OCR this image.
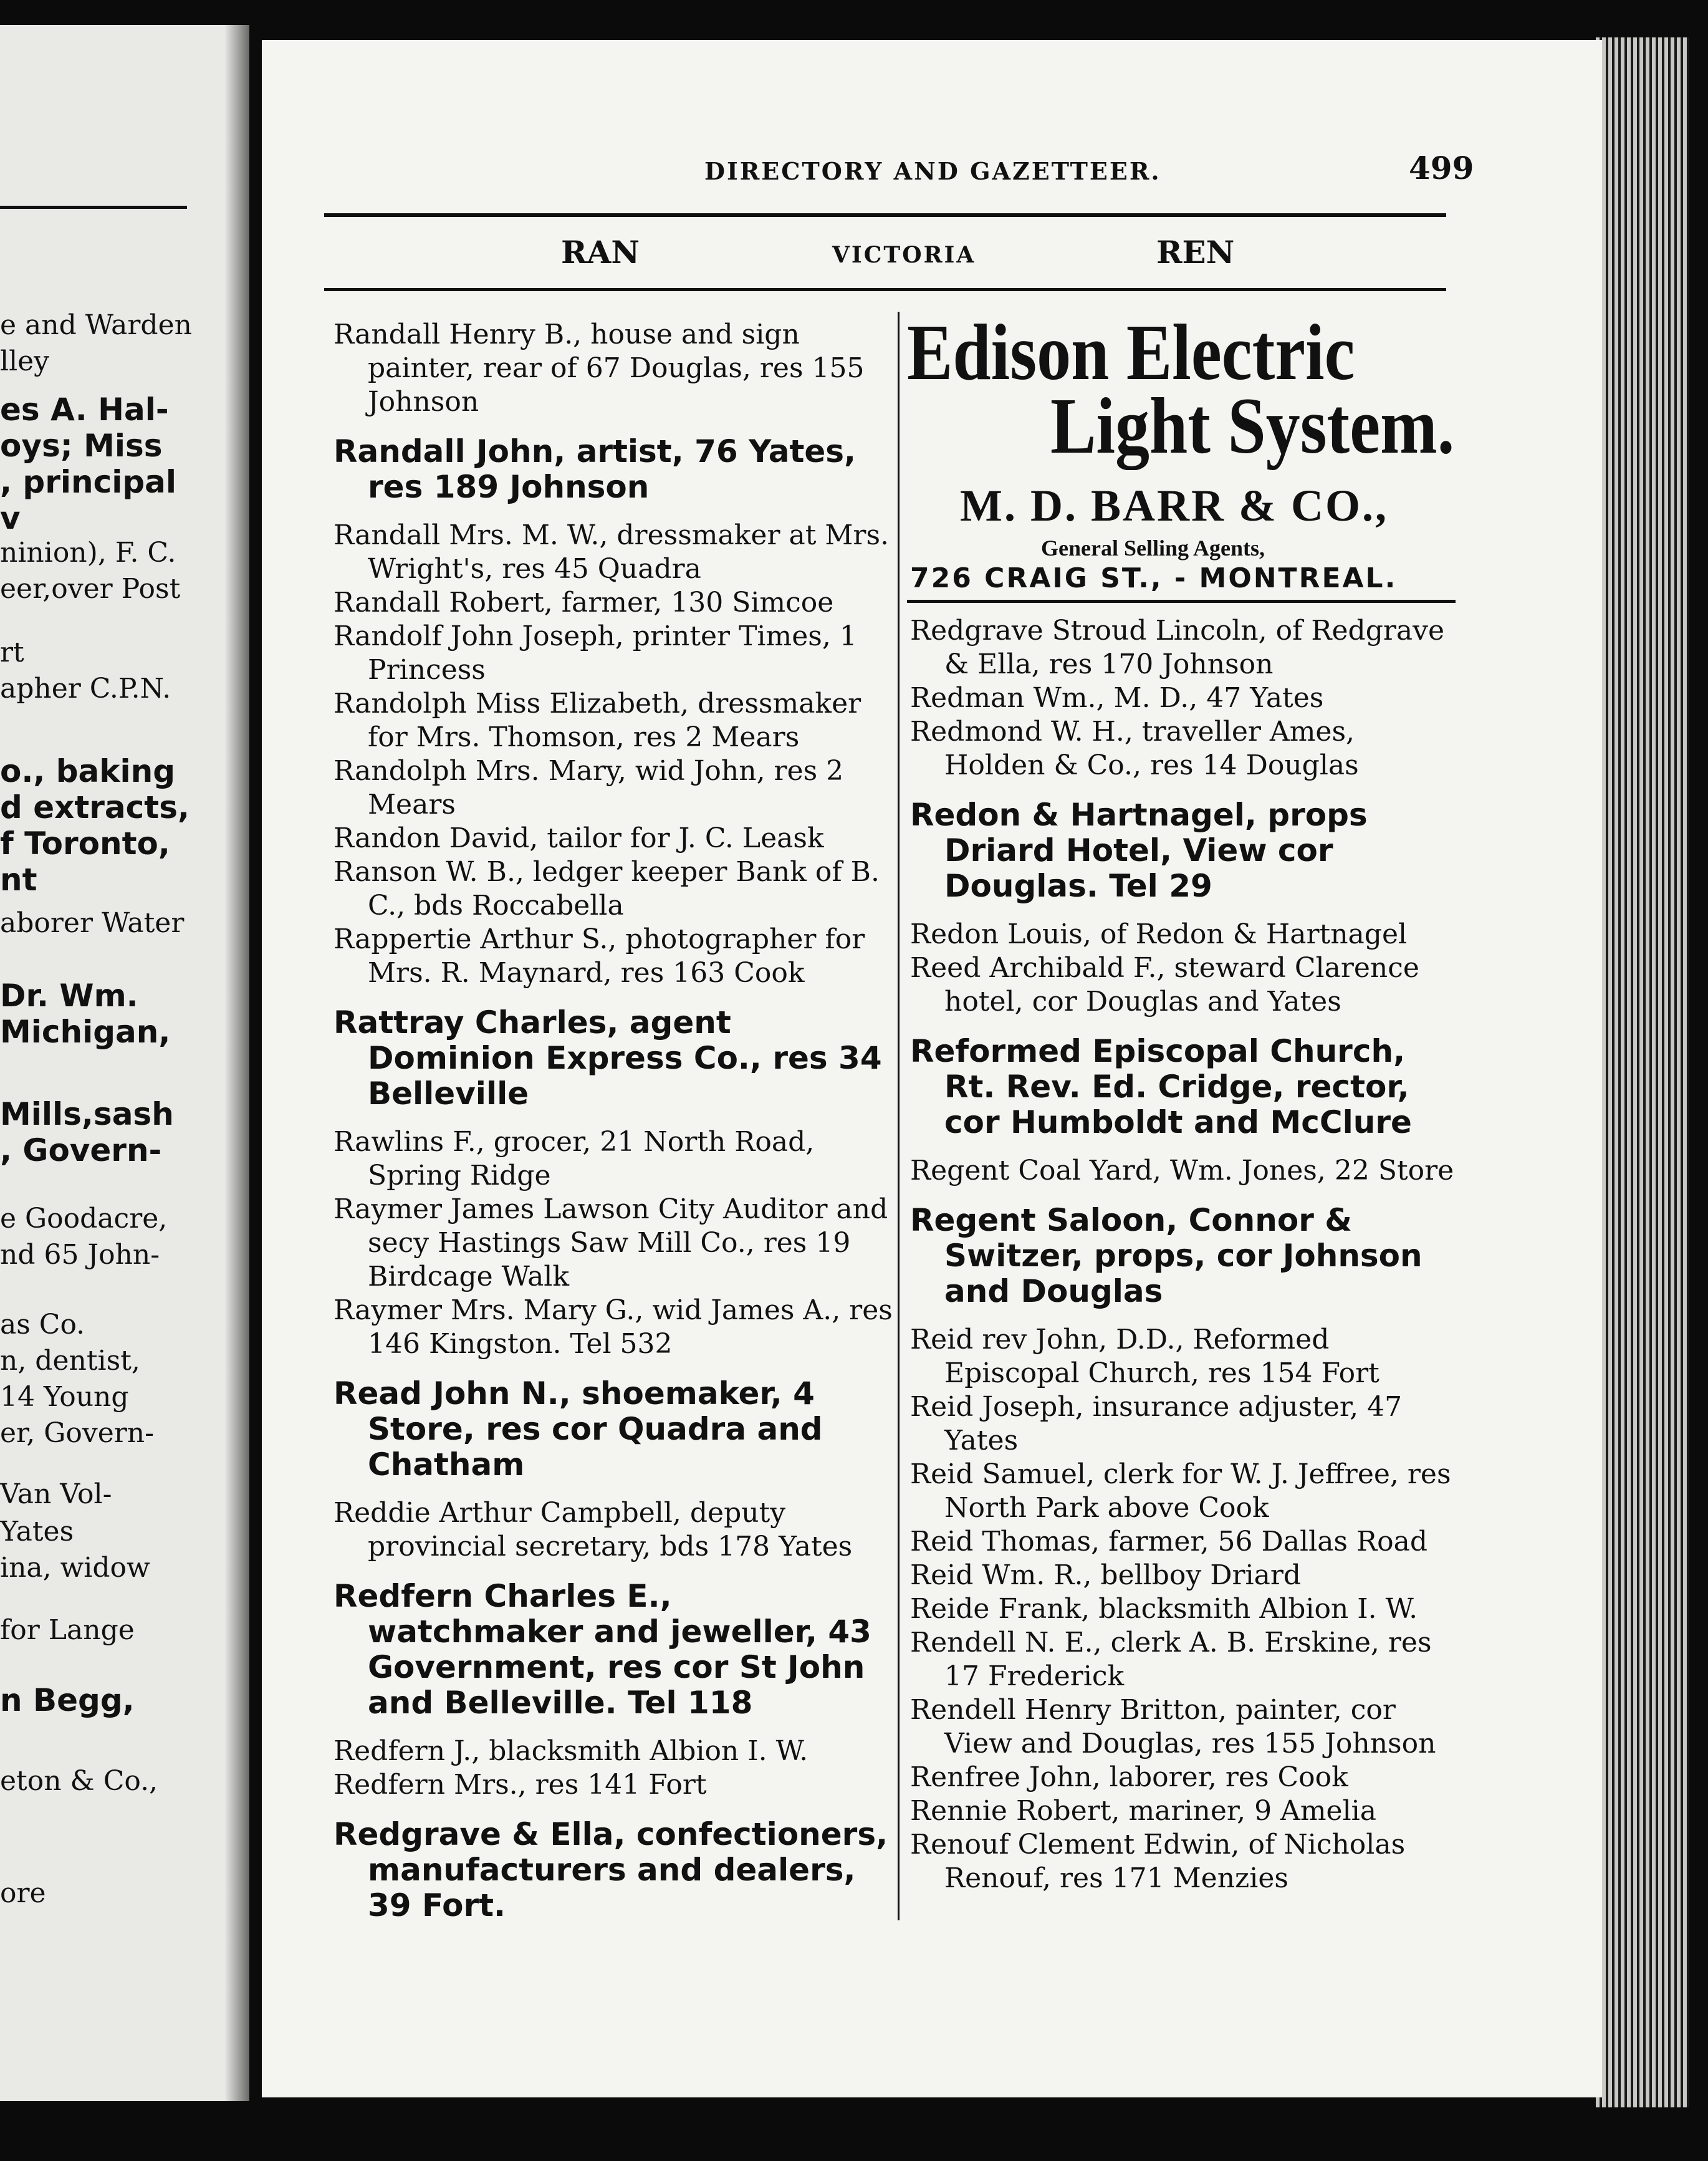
e and Warden
lley
es A. Hal-
oys; Miss
, principal
v
ninion), F. C.
eer,over Post
rt
apher C.P.N.
o., baking
d extracts,
f Toronto,
nt
aborer Water
Dr. Wm.
Michigan,
Mills,sash
, Govern-
e Goodacre,
nd 65 John-
as Co.
n, dentist,
14 Young
er, Govern-
Van Vol-
Yates
ina, widow
for Lange
n Begg,
eton & Co.,
ore
DIRECTORY AND GAZETTEER.	499
RAN	VICTORIA	REN
Edison Electric
Light System.
M. D. BARR & CO.,
General Selling Agents,
726 CRAIG ST., - MONTREAL.
Randall Henry B., house and sign painter, rear of 67 Douglas, res 155 Johnson
Randall John, artist, 76 Yates, res 189 Johnson
Randall Mrs. M. W., dressmaker at Mrs. Wright's, res 45 Quadra
Randall Robert, farmer, 130 Simcoe
Randolf John Joseph, printer Times, 1 Princess
Randolph Miss Elizabeth, dressmaker for Mrs. Thomson, res 2 Mears
Randolph Mrs. Mary, wid John, res 2 Mears
Randon David, tailor for J. C. Leask
Ranson W. B., ledger keeper Bank of B. C., bds Roccabella
Rappertie Arthur S., photographer for Mrs. R. Maynard, res 163 Cook
Rattray Charles, agent Dominion Express Co., res 34 Belleville
Rawlins F., grocer, 21 North Road, Spring Ridge
Raymer James Lawson City Auditor and secy Hastings Saw Mill Co., res 19 Birdcage Walk
Raymer Mrs. Mary G., wid James A., res 146 Kingston. Tel 532
Read John N., shoemaker, 4 Store, res cor Quadra and Chatham
Reddie Arthur Campbell, deputy provincial secretary, bds 178 Yates
Redfern Charles E., watchmaker and jeweller, 43 Government, res cor St John and Belleville. Tel 118
Redfern J., blacksmith Albion I. W.
Redfern Mrs., res 141 Fort
Redgrave & Ella, confectioners, manufacturers and dealers, 39 Fort.
Redgrave Stroud Lincoln, of Redgrave & Ella, res 170 Johnson
Redman Wm., M. D., 47 Yates
Redmond W. H., traveller Ames, Holden & Co., res 14 Douglas
Redon & Hartnagel, props Driard Hotel, View cor Douglas. Tel 29
Redon Louis, of Redon & Hartnagel
Reed Archibald F., steward Clarence hotel, cor Douglas and Yates
Reformed Episcopal Church, Rt. Rev. Ed. Cridge, rector, cor Humboldt and McClure
Regent Coal Yard, Wm. Jones, 22 Store
Regent Saloon, Connor & Switzer, props, cor Johnson and Douglas
Reid rev John, D.D., Reformed Episcopal Church, res 154 Fort
Reid Joseph, insurance adjuster, 47 Yates
Reid Samuel, clerk for W. J. Jeffree, res North Park above Cook
Reid Thomas, farmer, 56 Dallas Road
Reid Wm. R., bellboy Driard
Reide Frank, blacksmith Albion I. W.
Rendell N. E., clerk A. B. Erskine, res 17 Frederick
Rendell Henry Britton, painter, cor View and Douglas, res 155 Johnson
Renfree John, laborer, res Cook
Rennie Robert, mariner, 9 Amelia
Renouf Clement Edwin, of Nicholas Renouf, res 171 Menzies
